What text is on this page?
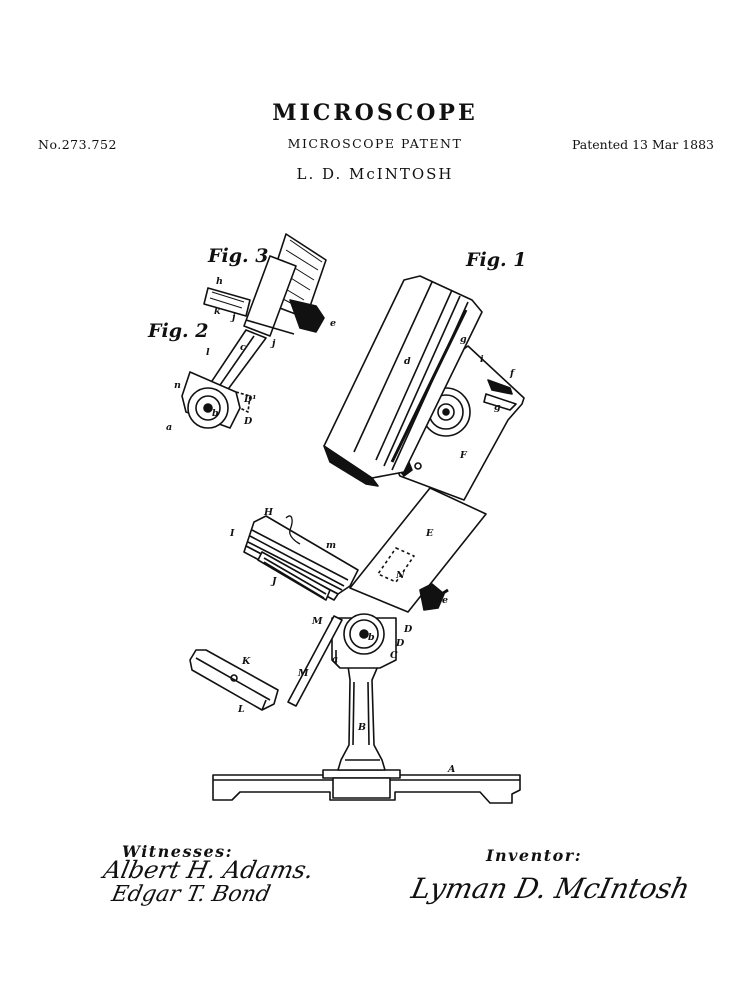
MICROSCOPE
No.273.752	MICROSCOPE PATENT	Patented 13 Mar 1883
L. D. McINTOSH
Fig. 3
Fig. 2
Fig. 1
h
k
j
j
e
l	c
n
D¹
b
D
a
d
g
i
f
g
F
E
H
I
m
J
N
e
M
b
D
D
C
a
K
M
L
B
A
Witnesses:
Albert H. Adams.
Edgar T. Bond
Inventor:
Lyman D. McIntosh
